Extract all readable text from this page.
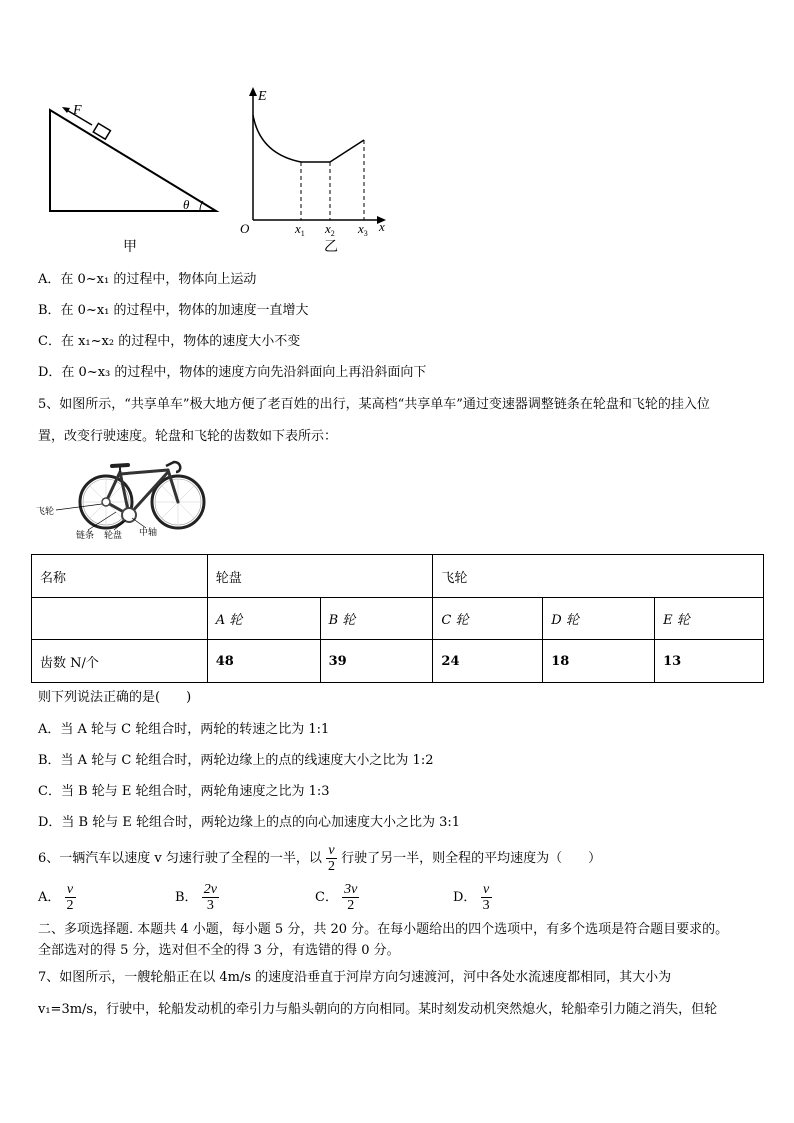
F
θ
甲
E
O	$x_1$ $x_2$ $x_3$ x
乙
A．在 0~x₁ 的过程中，物体向上运动
B．在 0~x₁ 的过程中，物体的加速度一直增大
C．在 x₁~x₂ 的过程中，物体的速度大小不变
D．在 0~x₃ 的过程中，物体的速度方向先沿斜面向上再沿斜面向下
5、如图所示，“共享单车”极大地方便了老百姓的出行，某高档“共享单车”通过变速器调整链条在轮盘和飞轮的挂入位
置，改变行驶速度。轮盘和飞轮的齿数如下表所示：
飞轮
链条 轮盘 中轴
名称	轮盘		飞轮		
	A 轮	B 轮	C 轮	D 轮	E 轮
齿数 N/个	48	39	24	18	13
则下列说法正确的是(　　)
A．当 A 轮与 C 轮组合时，两轮的转速之比为 1:1
B．当 A 轮与 C 轮组合时，两轮边缘上的点的线速度大小之比为 1:2
C．当 B 轮与 E 轮组合时，两轮角速度之比为 1:3
D．当 B 轮与 E 轮组合时，两轮边缘上的点的向心加速度大小之比为 3:1
6、一辆汽车以速度 v 匀速行驶了全程的一半，以 $\frac{v}{2}$ 行驶了另一半，则全程的平均速度为（　　）
A． $\frac{v}{2}$	B． $\frac{2v}{3}$	C． $\frac{3v}{2}$	D． $\frac{v}{3}$
二、多项选择题. 本题共 4 小题，每小题 5 分，共 20 分。在每小题给出的四个选项中，有多个选项是符合题目要求的。
全部选对的得 5 分，选对但不全的得 3 分，有选错的得 0 分。
7、如图所示，一艘轮船正在以 4m/s 的速度沿垂直于河岸方向匀速渡河，河中各处水流速度都相同，其大小为
v₁=3m/s，行驶中，轮船发动机的牵引力与船头朝向的方向相同。某时刻发动机突然熄火，轮船牵引力随之消失，但轮
